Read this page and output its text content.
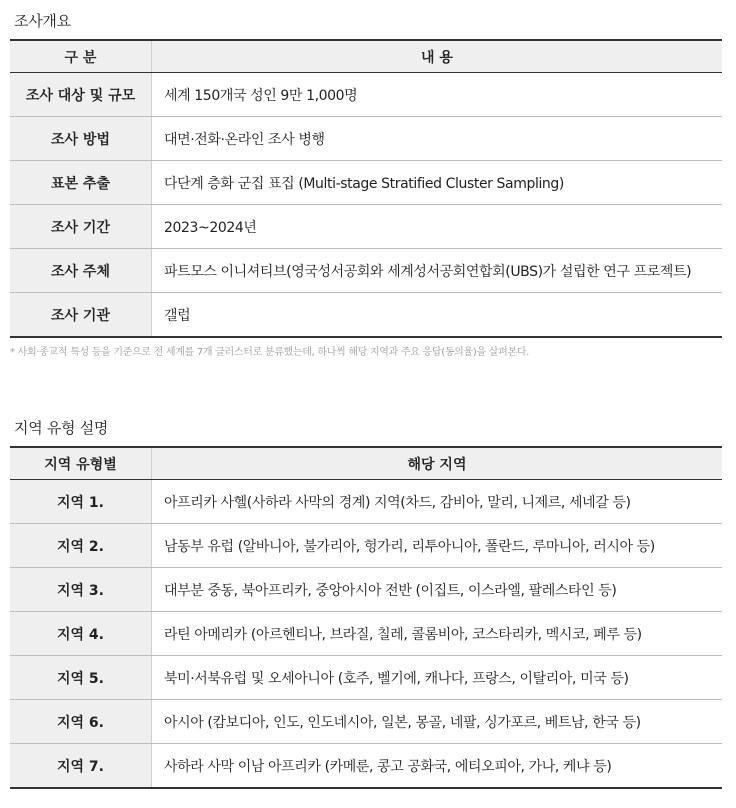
조사개요
구 분	내 용
조사 대상 및 규모	세계 150개국 성인 9만 1,000명
조사 방법	대면·전화·온라인 조사 병행
표본 추출	다단계 층화 군집 표집 (Multi-stage Stratified Cluster Sampling)
조사 기간	2023~2024년
조사 주체	파트모스 이니셔티브(영국성서공회와 세계성서공회연합회(UBS)가 설립한 연구 프로젝트)
조사 기관	갤럽
* 사회·종교적 특성 등을 기준으로 전 세계를 7개 클러스터로 분류했는데, 하나씩 해당 지역과 주요 응답(동의율)을 살펴본다.
지역 유형 설명
지역 유형별	해당 지역
지역 1.	아프리카 사헬(사하라 사막의 경계) 지역(차드, 감비아, 말리, 니제르, 세네갈 등)
지역 2.	남동부 유럽 (알바니아, 불가리아, 헝가리, 리투아니아, 폴란드, 루마니아, 러시아 등)
지역 3.	대부분 중동, 북아프리카, 중앙아시아 전반 (이집트, 이스라엘, 팔레스타인 등)
지역 4.	라틴 아메리카 (아르헨티나, 브라질, 칠레, 콜롬비아, 코스타리카, 멕시코, 페루 등)
지역 5.	북미·서북유럽 및 오세아니아 (호주, 벨기에, 캐나다, 프랑스, 이탈리아, 미국 등)
지역 6.	아시아 (캄보디아, 인도, 인도네시아, 일본, 몽골, 네팔, 싱가포르, 베트남, 한국 등)
지역 7.	사하라 사막 이남 아프리카 (카메룬, 콩고 공화국, 에티오피아, 가나, 케냐 등)
